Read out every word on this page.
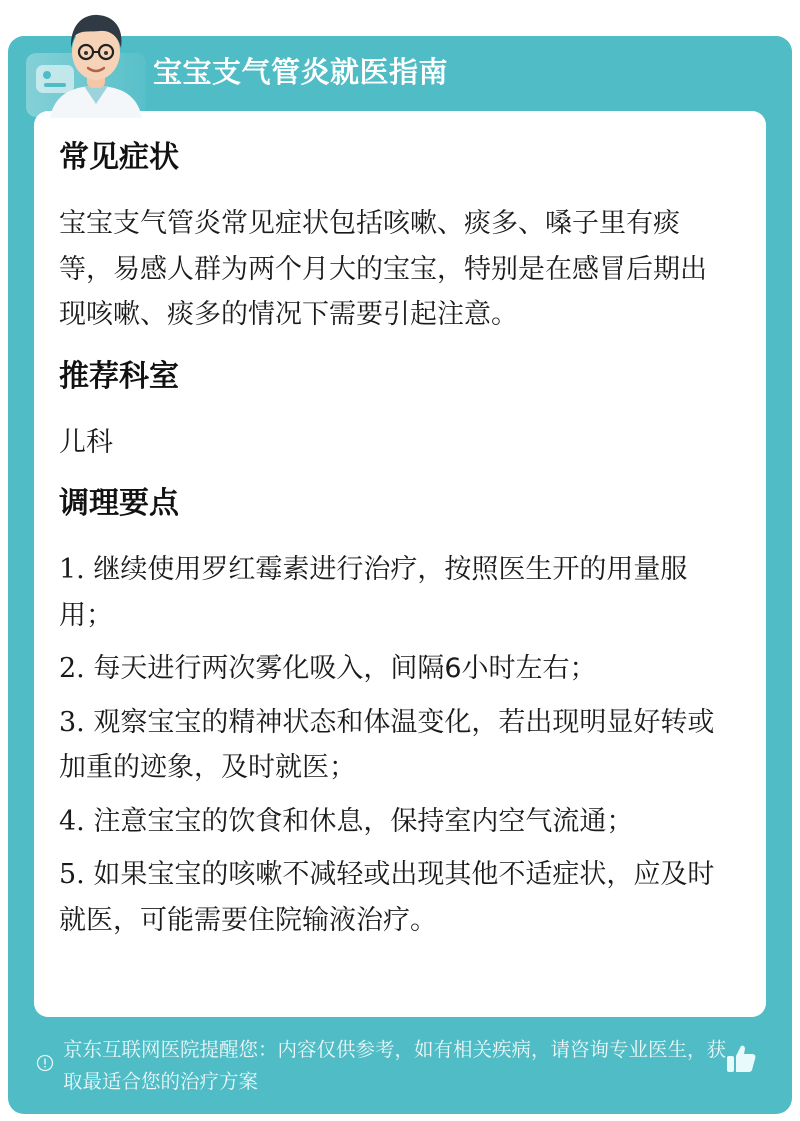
宝宝支气管炎就医指南
常见症状

宝宝支气管炎常见症状包括咳嗽、痰多、嗓子里有痰等，易感人群为两个月大的宝宝，特别是在感冒后期出现咳嗽、痰多的情况下需要引起注意。

推荐科室

儿科

调理要点
1. 继续使用罗红霉素进行治疗，按照医生开的用量服用；
2. 每天进行两次雾化吸入，间隔6小时左右；
3. 观察宝宝的精神状态和体温变化，若出现明显好转或加重的迹象，及时就医；
4. 注意宝宝的饮食和休息，保持室内空气流通；
5. 如果宝宝的咳嗽不减轻或出现其他不适症状，应及时就医，可能需要住院输液治疗。

京东互联网医院提醒您：内容仅供参考，如有相关疾病，请咨询专业医生，获取最适合您的治疗方案
